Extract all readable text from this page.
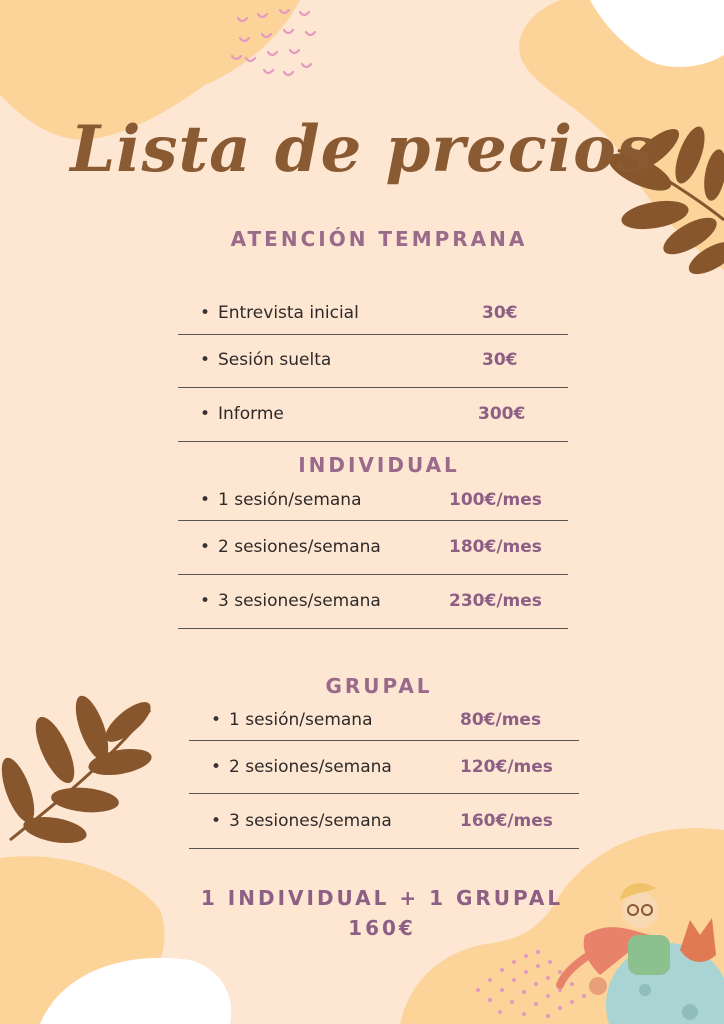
Lista de precios
ATENCIÓN TEMPRANA
• Entrevista inicial	30€
• Sesión suelta	30€
• Informe	300€
INDIVIDUAL
• 1 sesión/semana	100€/mes
• 2 sesiones/semana	180€/mes
• 3 sesiones/semana	230€/mes
GRUPAL
• 1 sesión/semana	80€/mes
• 2 sesiones/semana	120€/mes
• 3 sesiones/semana	160€/mes
1 INDIVIDUAL + 1 GRUPAL
160€
